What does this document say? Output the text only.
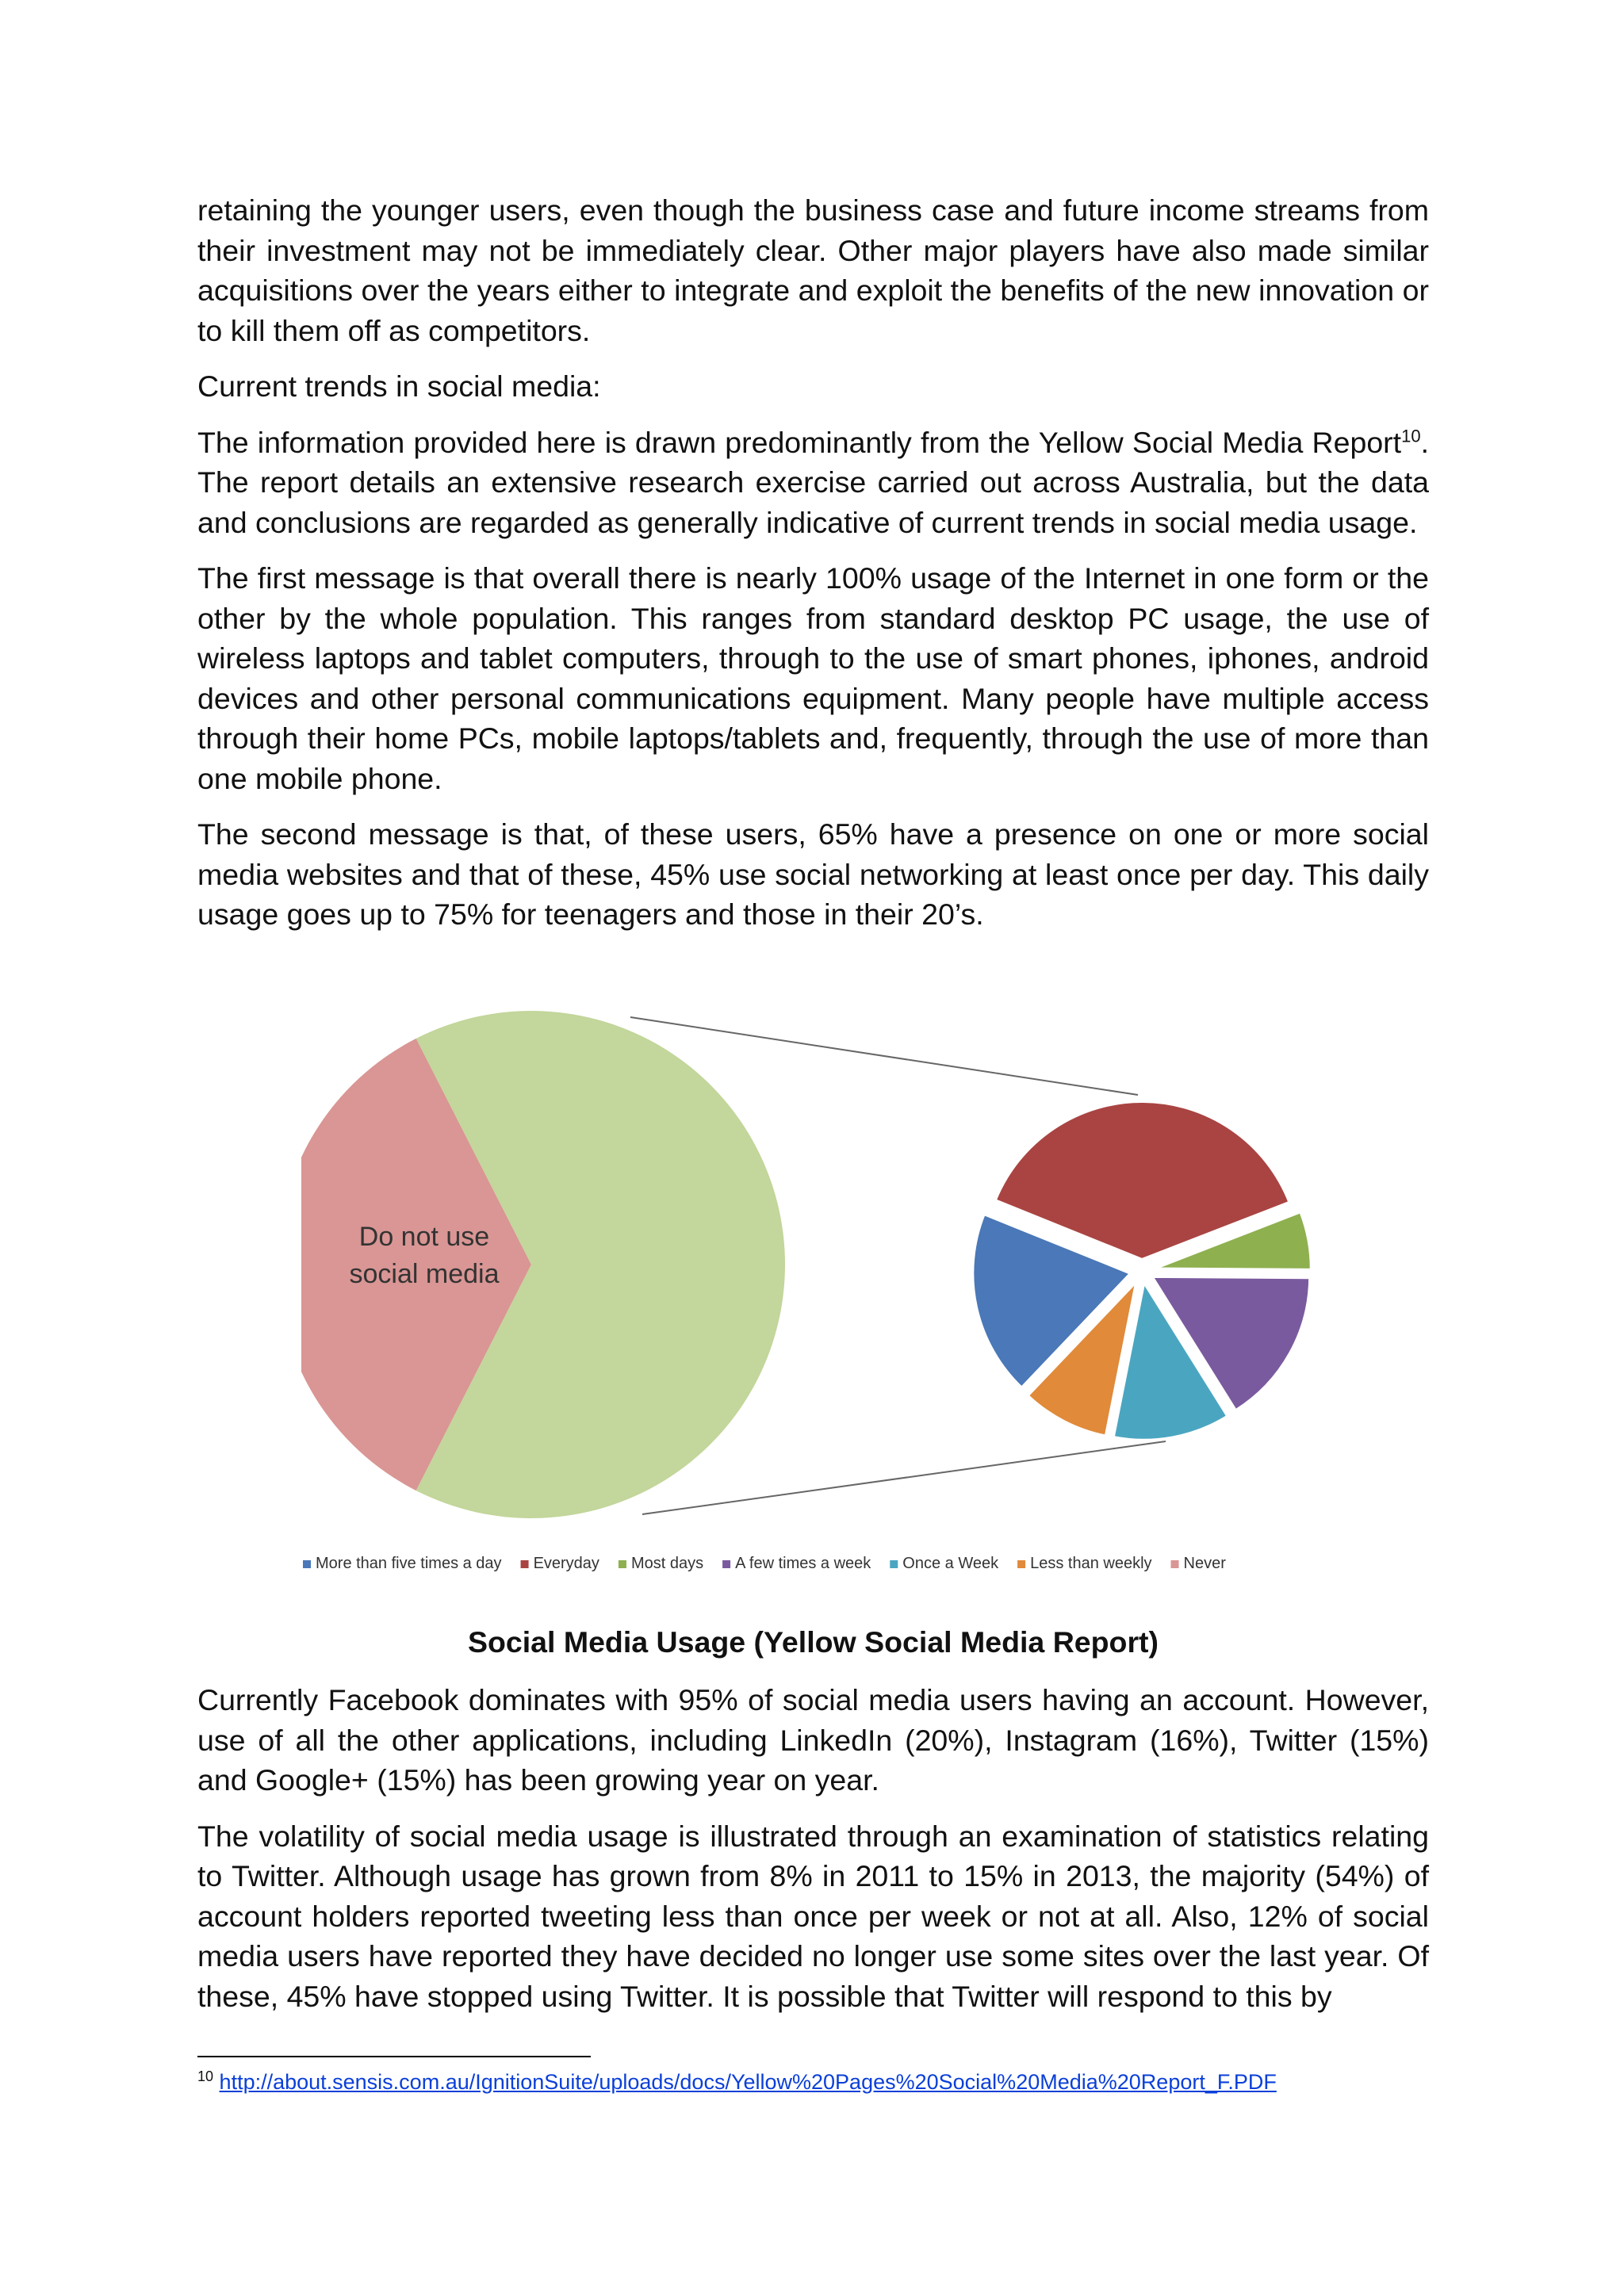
retaining the younger users, even though the business case and future income streams from their investment may not be immediately clear. Other major players have also made similar acquisitions over the years either to integrate and exploit the benefits of the new innovation or to kill them off as competitors.

Current trends in social media:

The information provided here is drawn predominantly from the Yellow Social Media Report$^{10}$. The report details an extensive research exercise carried out across Australia, but the data and conclusions are regarded as generally indicative of current trends in social media usage.

The first message is that overall there is nearly 100% usage of the Internet in one form or the other by the whole population. This ranges from standard desktop PC usage, the use of wireless laptops and tablet computers, through to the use of smart phones, iphones, android devices and other personal communications equipment. Many people have multiple access through their home PCs, mobile laptops/tablets and, frequently, through the use of more than one mobile phone.

The second message is that, of these users, 65% have a presence on one or more social media websites and that of these, 45% use social networking at least once per day. This daily usage goes up to 75% for teenagers and those in their 20’s.

Do not use
social media
More than five times a day Everyday Most days A few times a week Once a Week Less than weekly Never
Social Media Usage (Yellow Social Media Report)

Currently Facebook dominates with 95% of social media users having an account. However, use of all the other applications, including LinkedIn (20%), Instagram (16%), Twitter (15%) and Google+ (15%) has been growing year on year.

The volatility of social media usage is illustrated through an examination of statistics relating to Twitter. Although usage has grown from 8% in 2011 to 15% in 2013, the majority (54%) of account holders reported tweeting less than once per week or not at all. Also, 12% of social media users have reported they have decided no longer use some sites over the last year. Of these, 45% have stopped using Twitter. It is possible that Twitter will respond to this by

$^{10}$ http://about.sensis.com.au/IgnitionSuite/uploads/docs/Yellow%20Pages%20Social%20Media%20Report_F.PDF
